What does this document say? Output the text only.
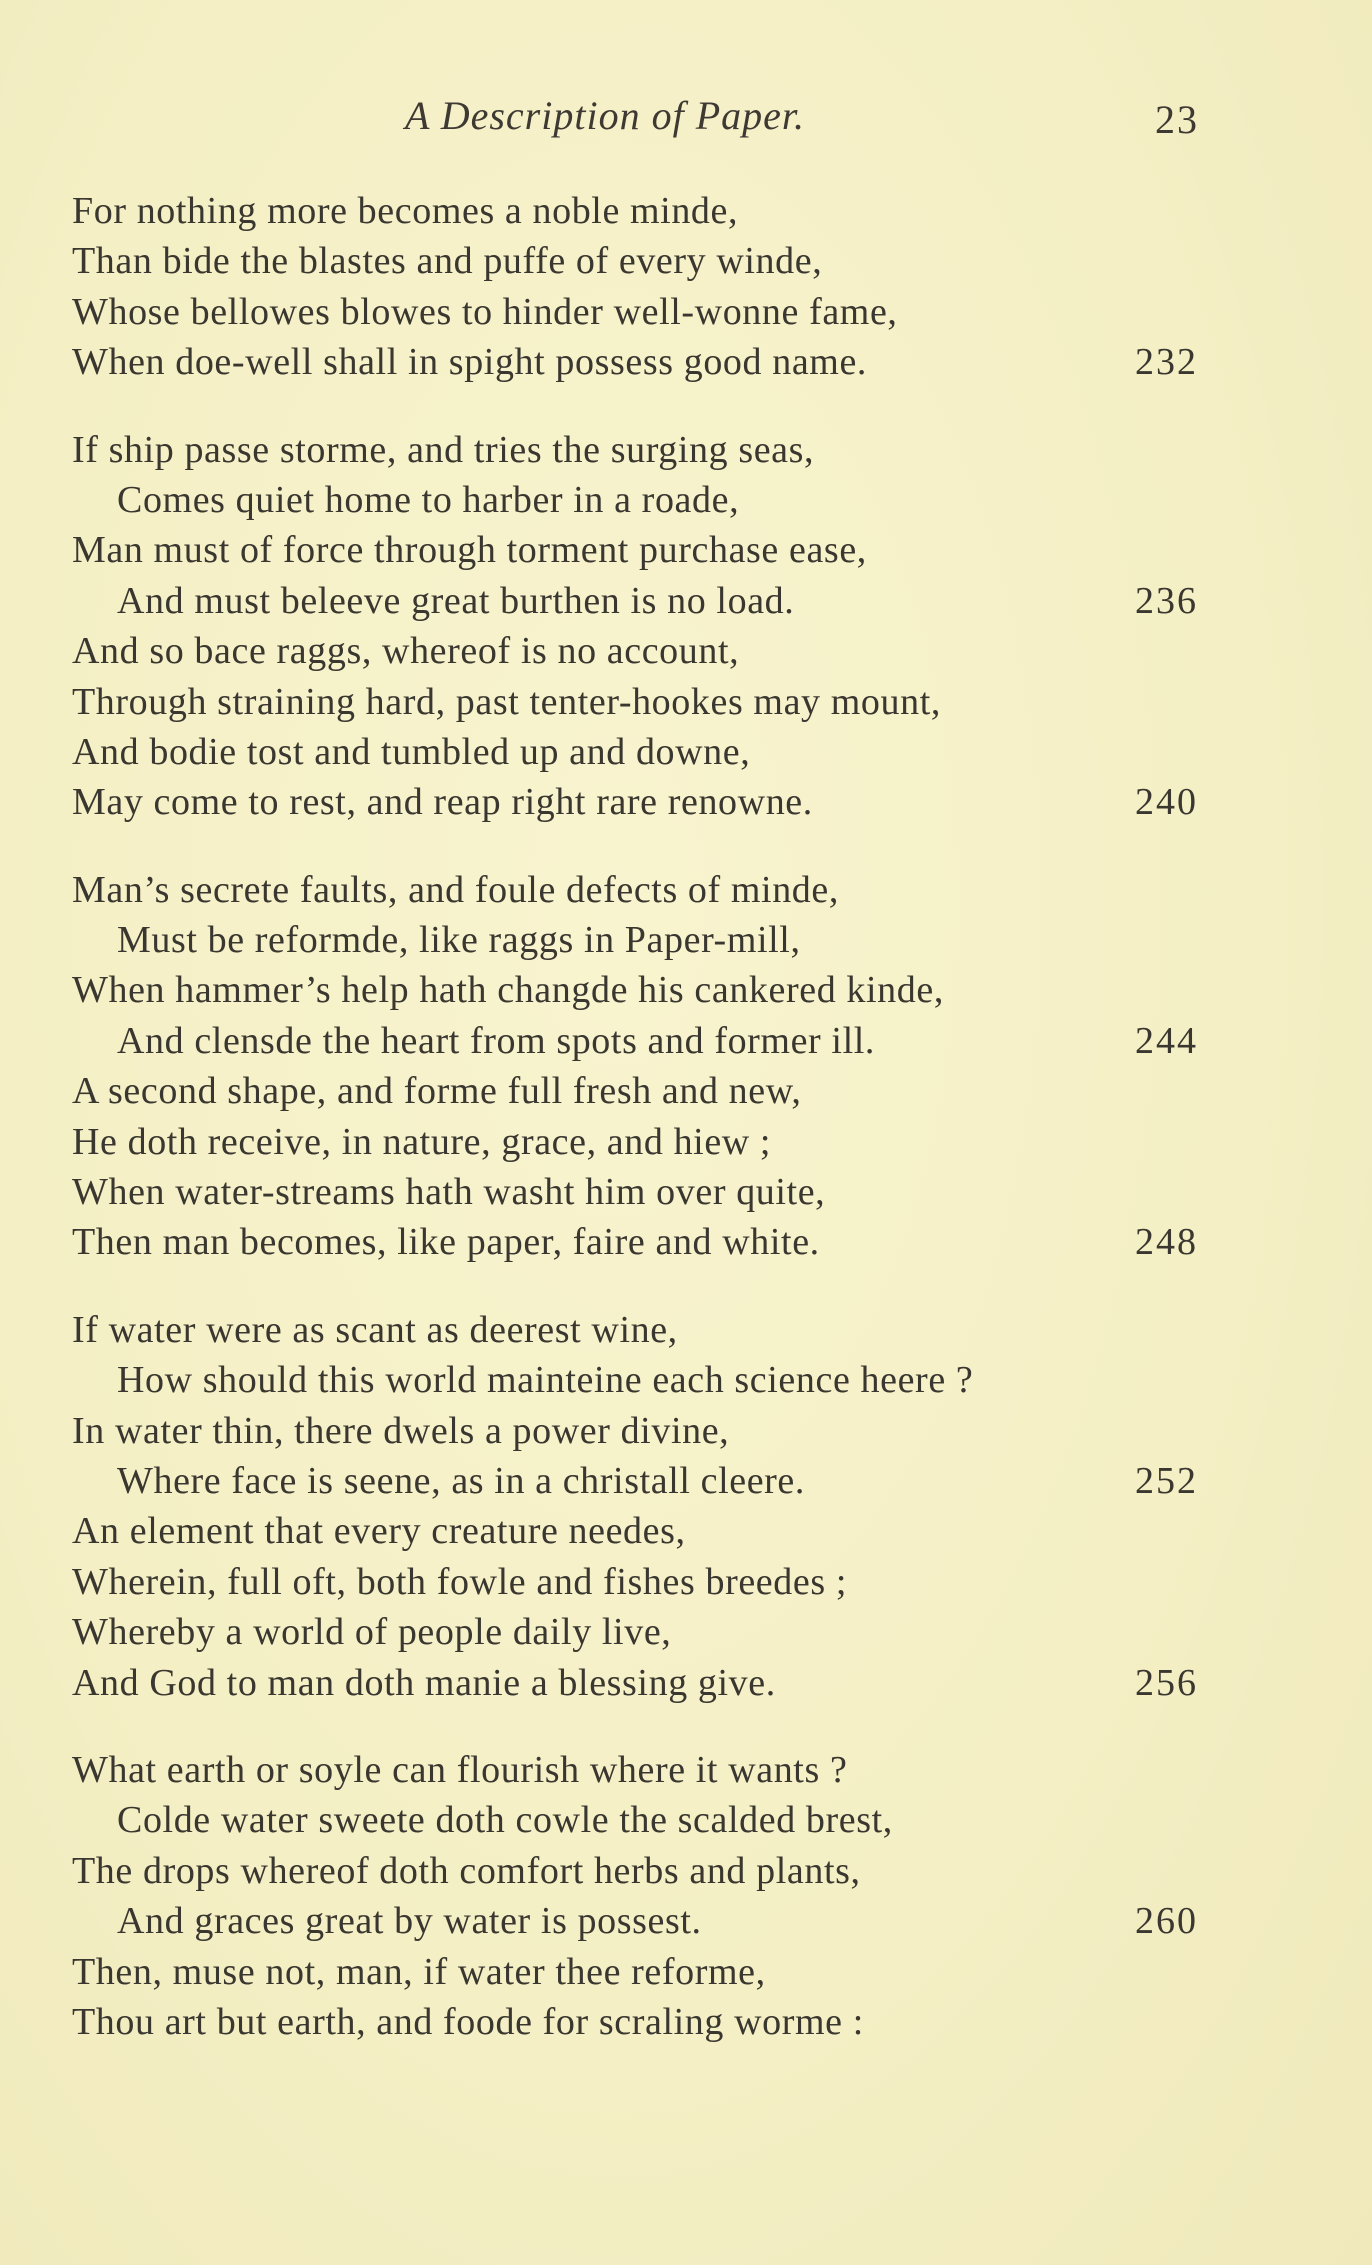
A Description of Paper.	23
For nothing more becomes a noble minde,
Than bide the blastes and puffe of every winde,
Whose bellowes blowes to hinder well-wonne fame,
When doe-well shall in spight possess good name.	232
If ship passe storme, and tries the surging seas,
Comes quiet home to harber in a roade,
Man must of force through torment purchase ease,
And must beleeve great burthen is no load.	236
And so bace raggs, whereof is no account,
Through straining hard, past tenter-hookes may mount,
And bodie tost and tumbled up and downe,
May come to rest, and reap right rare renowne.	240
Man’s secrete faults, and foule defects of minde,
Must be reformde, like raggs in Paper-mill,
When hammer’s help hath changde his cankered kinde,
And clensde the heart from spots and former ill.	244
A second shape, and forme full fresh and new,
He doth receive, in nature, grace, and hiew ;
When water-streams hath washt him over quite,
Then man becomes, like paper, faire and white.	248
If water were as scant as deerest wine,
How should this world mainteine each science heere ?
In water thin, there dwels a power divine,
Where face is seene, as in a christall cleere.	252
An element that every creature needes,
Wherein, full oft, both fowle and fishes breedes ;
Whereby a world of people daily live,
And God to man doth manie a blessing give.	256
What earth or soyle can flourish where it wants ?
Colde water sweete doth cowle the scalded brest,
The drops whereof doth comfort herbs and plants,
And graces great by water is possest.	260
Then, muse not, man, if water thee reforme,
Thou art but earth, and foode for scraling worme :
